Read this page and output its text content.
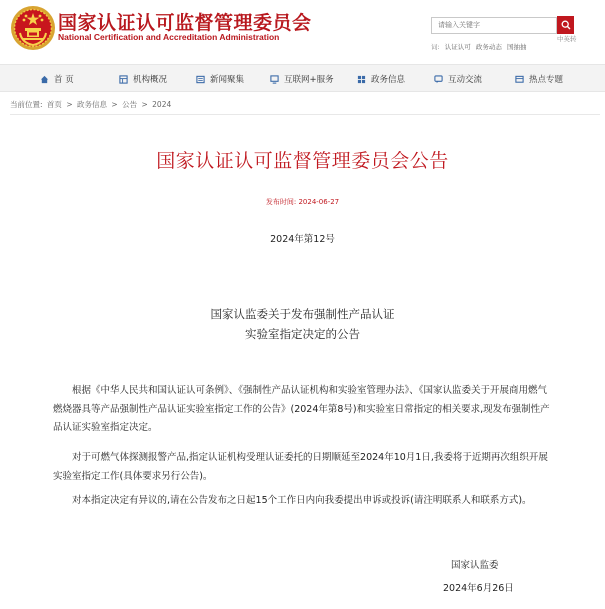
国家认证认可监督管理委员会
National Certification and Accreditation Administration
请输入关键字	中英转
词: 认证认可 政务动态 国抽抽
首 页	机构概况	新闻聚集	互联网+服务	政务信息	互动交流	热点专题
当前位置: 首页 > 政务信息 > 公告 > 2024
国家认证认可监督管理委员会公告
发布时间: 2024-06-27
2024年第12号
国家认监委关于发布强制性产品认证
实验室指定决定的公告
根据《中华人民共和国认证认可条例》、《强制性产品认证机构和实验室管理办法》、《国家认监委关于开展商用燃气燃烧器具等产品强制性产品认证实验室指定工作的公告》(2024年第8号)和实验室日常指定的相关要求,现发布强制性产品认证实验室指定决定。
对于可燃气体探测报警产品,指定认证机构受理认证委托的日期顺延至2024年10月1日,我委将于近期再次组织开展实验室指定工作(具体要求另行公告)。
对本指定决定有异议的,请在公告发布之日起15个工作日内向我委提出申诉或投诉(请注明联系人和联系方式)。
国家认监委
2024年6月26日
